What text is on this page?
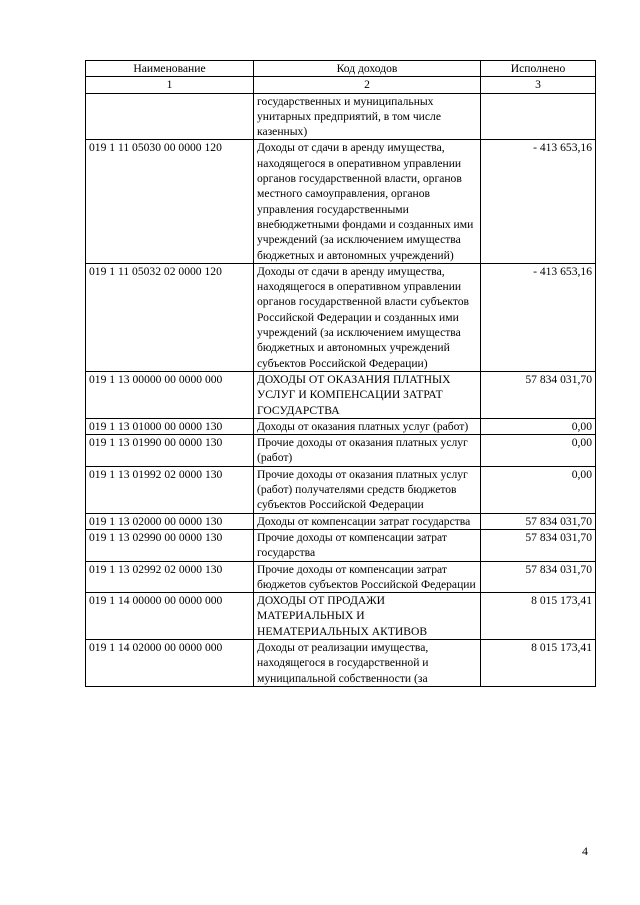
Наименование	Код доходов	Исполнено
1	2	3
	государственных и муниципальных унитарных предприятий, в том числе казенных)	
019 1 11 05030 00 0000 120	Доходы от сдачи в аренду имущества, находящегося в оперативном управлении органов государственной власти, органов местного самоуправления, органов управления государственными внебюджетными фондами и созданных ими учреждений (за исключением имущества бюджетных и автономных учреждений)	- 413 653,16
019 1 11 05032 02 0000 120	Доходы от сдачи в аренду имущества, находящегося в оперативном управлении органов государственной власти субъектов Российской Федерации и созданных ими учреждений (за исключением имущества бюджетных и автономных учреждений субъектов Российской Федерации)	- 413 653,16
019 1 13 00000 00 0000 000	ДОХОДЫ ОТ ОКАЗАНИЯ ПЛАТНЫХ УСЛУГ И КОМПЕНСАЦИИ ЗАТРАТ ГОСУДАРСТВА	57 834 031,70
019 1 13 01000 00 0000 130	Доходы от оказания платных услуг (работ)	0,00
019 1 13 01990 00 0000 130	Прочие доходы от оказания платных услуг (работ)	0,00
019 1 13 01992 02 0000 130	Прочие доходы от оказания платных услуг (работ) получателями средств бюджетов субъектов Российской Федерации	0,00
019 1 13 02000 00 0000 130	Доходы от компенсации затрат государства	57 834 031,70
019 1 13 02990 00 0000 130	Прочие доходы от компенсации затрат государства	57 834 031,70
019 1 13 02992 02 0000 130	Прочие доходы от компенсации затрат бюджетов субъектов Российской Федерации	57 834 031,70
019 1 14 00000 00 0000 000	ДОХОДЫ ОТ ПРОДАЖИ МАТЕРИАЛЬНЫХ И НЕМАТЕРИАЛЬНЫХ АКТИВОВ	8 015 173,41
019 1 14 02000 00 0000 000	Доходы от реализации имущества, находящегося в государственной и муниципальной собственности (за	8 015 173,41
4
